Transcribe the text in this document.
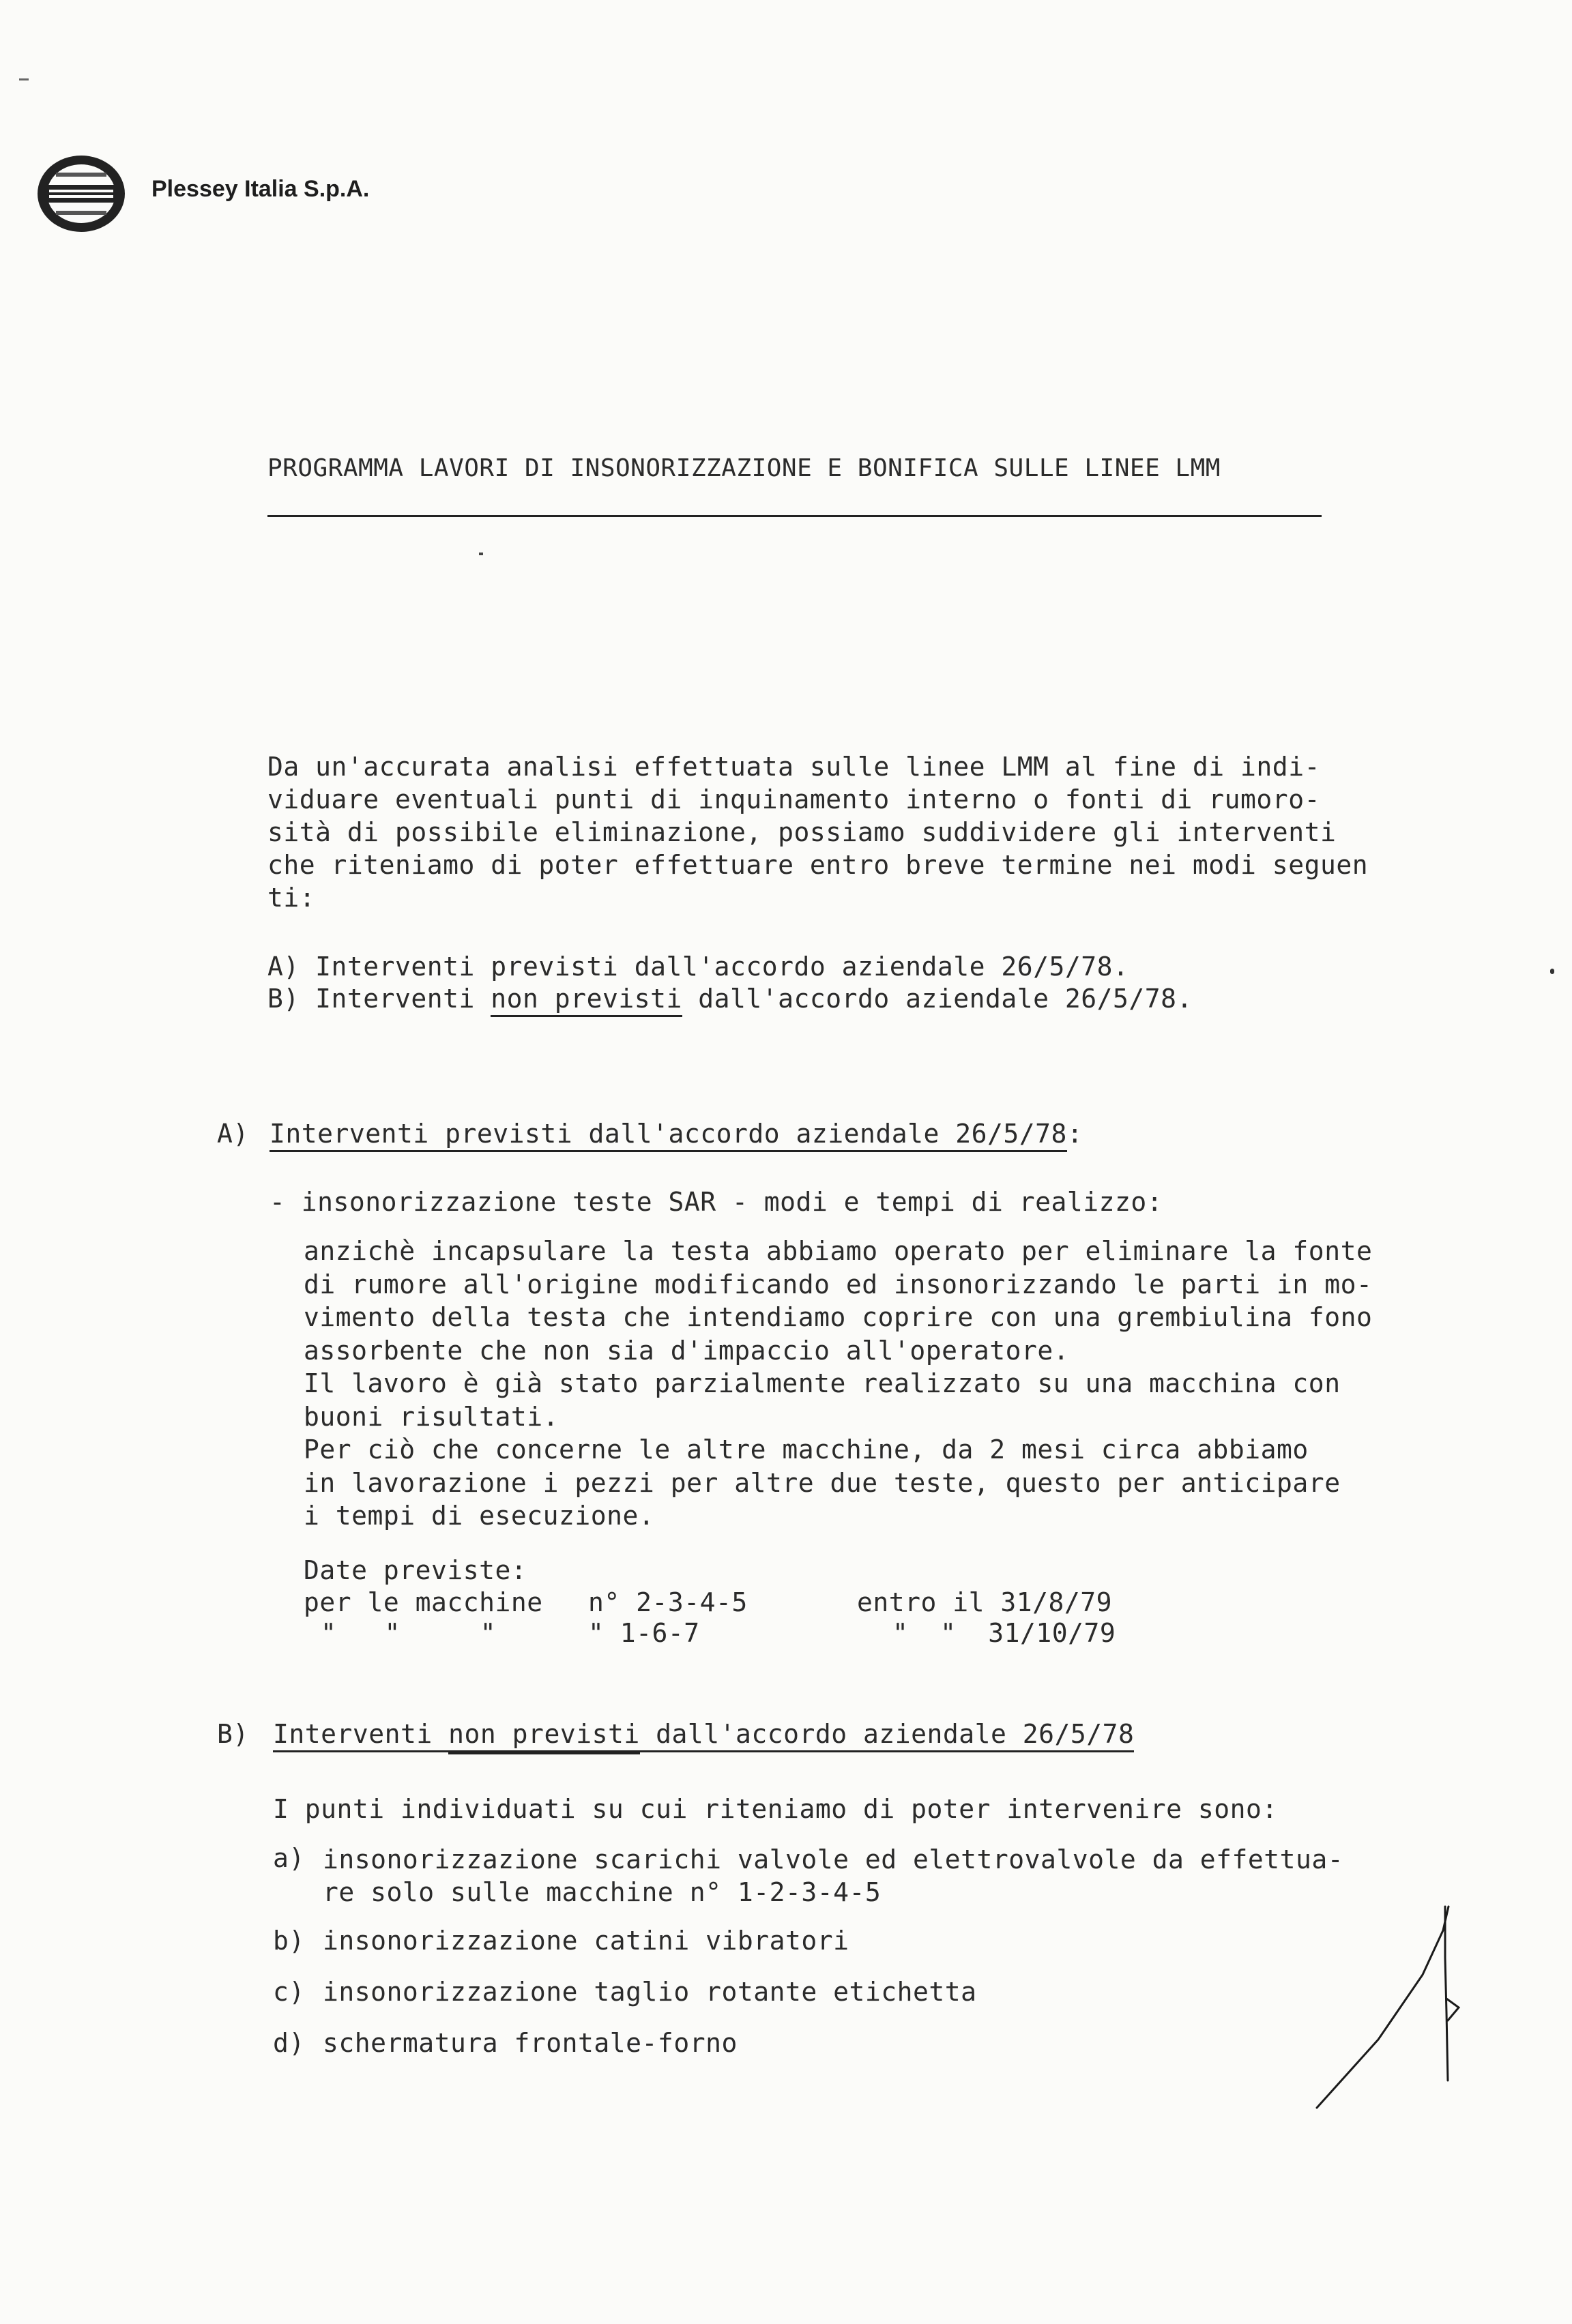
Plessey Italia S.p.A.
PROGRAMMA LAVORI DI INSONORIZZAZIONE E BONIFICA SULLE LINEE LMM
Da un'accurata analisi effettuata sulle linee LMM al fine di indi-
viduare eventuali punti di inquinamento interno o fonti di rumoro-
sità di possibile eliminazione, possiamo suddividere gli interventi
che riteniamo di poter effettuare entro breve termine nei modi seguen
ti:
A) Interventi previsti dall'accordo aziendale 26/5/78.
B) Interventi non previsti dall'accordo aziendale 26/5/78.
A) Interventi previsti dall'accordo aziendale 26/5/78:
- insonorizzazione teste SAR - modi e tempi di realizzo:
anzichè incapsulare la testa abbiamo operato per eliminare la fonte
di rumore all'origine modificando ed insonorizzando le parti in mo-
vimento della testa che intendiamo coprire con una grembiulina fono
assorbente che non sia d'impaccio all'operatore.
Il lavoro è già stato parzialmente realizzato su una macchina con
buoni risultati.
Per ciò che concerne le altre macchine, da 2 mesi circa abbiamo
in lavorazione i pezzi per altre due teste, questo per anticipare
i tempi di esecuzione.
Date previste:
per le macchine n° 2-3-4-5	entro il 31/8/79
"   "     "	" 1-6-7	"  "  31/10/79
B) Interventi non previsti dall'accordo aziendale 26/5/78
I punti individuati su cui riteniamo di poter intervenire sono:
a) insonorizzazione scarichi valvole ed elettrovalvole da effettua-
re solo sulle macchine n° 1-2-3-4-5
b) insonorizzazione catini vibratori
c) insonorizzazione taglio rotante etichetta
d) schermatura frontale-forno
